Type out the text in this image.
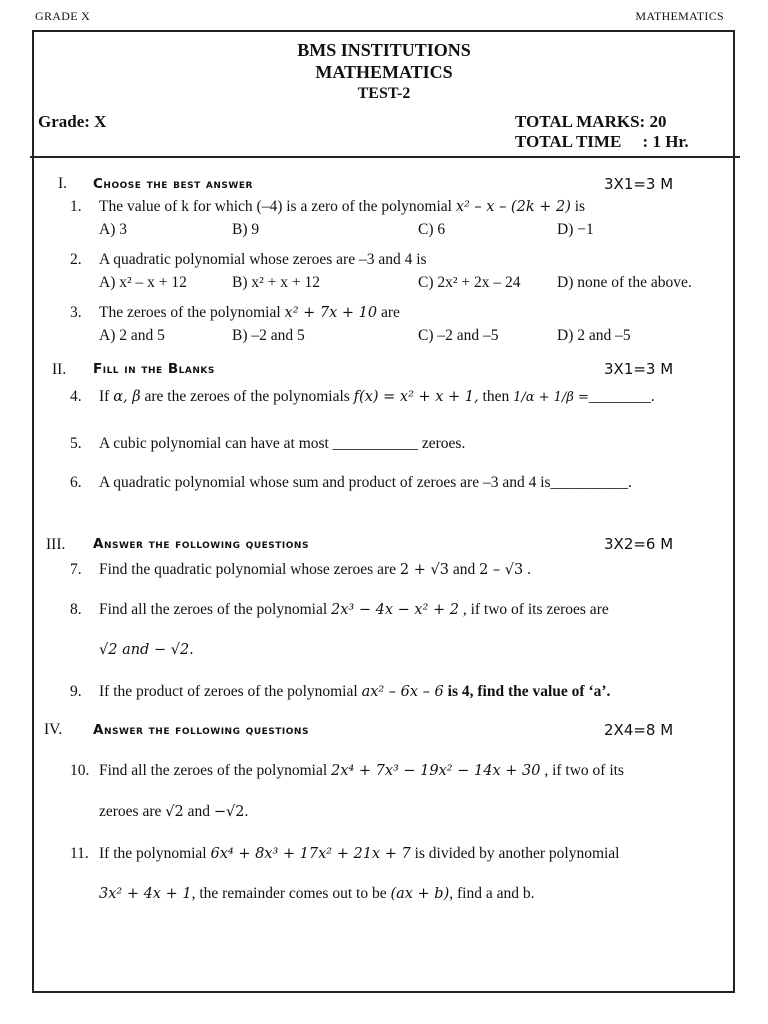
GRADE X	MATHEMATICS
BMS INSTITUTIONS
MATHEMATICS
TEST-2
Grade: X	TOTAL MARKS: 20
TOTAL TIME     : 1 Hr.
I. Choose the best answer	3X1=3 M
1. The value of k for which (–4) is a zero of the polynomial x² – x – (2k + 2) is
A) 3	B) 9	C) 6	D) −1
2. A quadratic polynomial whose zeroes are –3 and 4 is
A) x² – x + 12	B) x² + x + 12	C) 2x² + 2x – 24 D) none of the above.
3. The zeroes of the polynomial x² + 7x + 10 are
A) 2 and 5	B) –2 and 5	C) –2 and –5	D) 2 and –5
II. Fill in the Blanks	3X1=3 M
4. If α, β are the zeroes of the polynomials f(x) = x² + x + 1, then 1/α + 1/β =________.
5. A cubic polynomial can have at most ___________ zeroes.
6. A quadratic polynomial whose sum and product of zeroes are –3 and 4 is__________.
III. Answer the following questions	3X2=6 M
7. Find the quadratic polynomial whose zeroes are 2 + √3 and 2 – √3 .
8. Find all the zeroes of the polynomial 2x³ − 4x − x² + 2 , if two of its zeroes are
√2 and − √2.
9. If the product of zeroes of the polynomial ax² – 6x – 6 is 4, find the value of ‘a’.
IV. Answer the following questions	2X4=8 M
10. Find all the zeroes of the polynomial 2x⁴ + 7x³ − 19x² − 14x + 30 , if two of its
zeroes are √2 and −√2.
11. If the polynomial 6x⁴ + 8x³ + 17x² + 21x + 7 is divided by another polynomial
3x² + 4x + 1, the remainder comes out to be (ax + b), find a and b.
